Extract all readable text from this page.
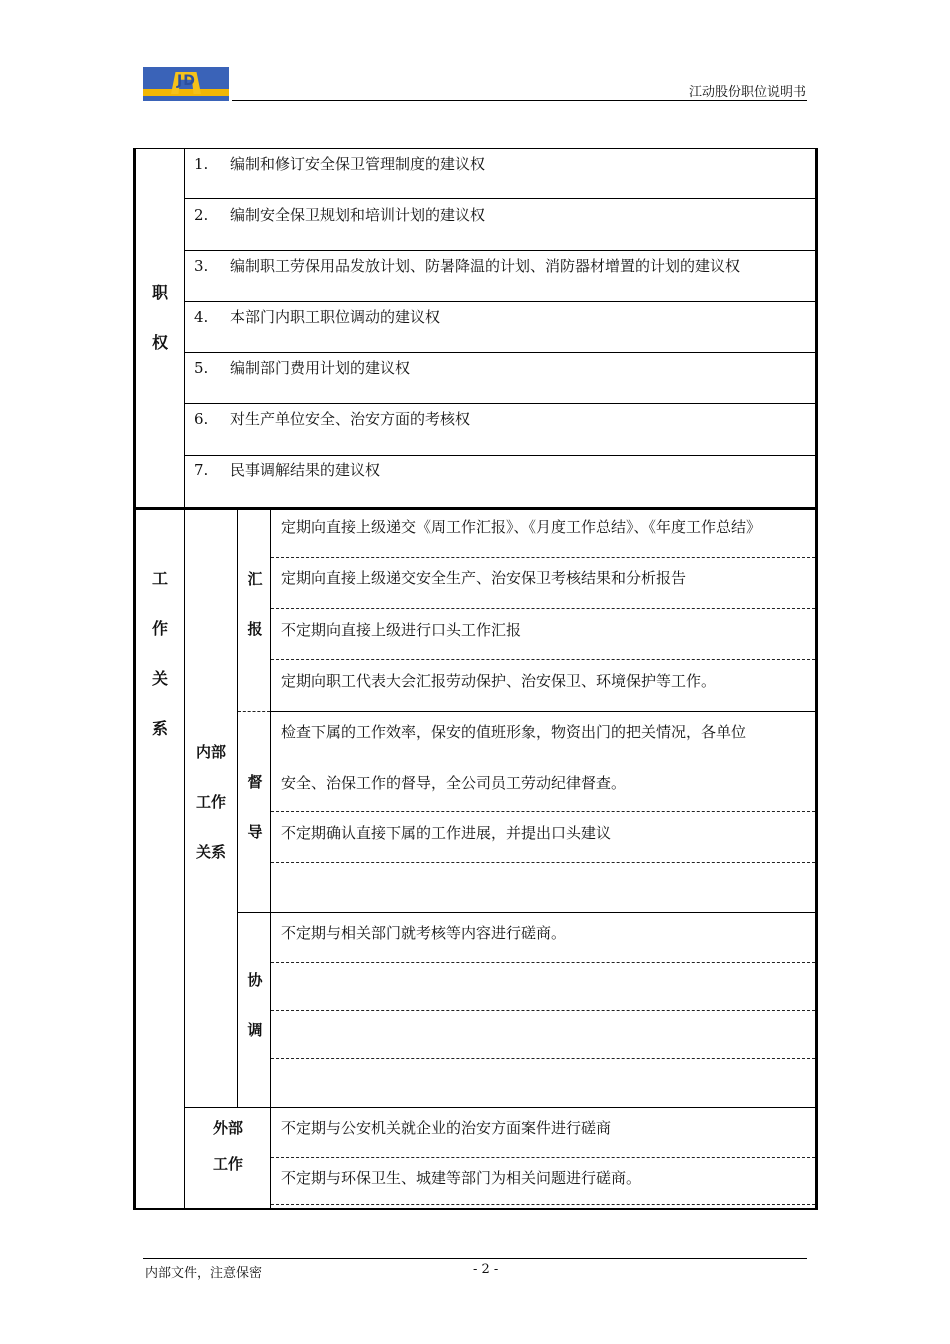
JD
江动股份职位说明书
职
权
1. 编制和修订安全保卫管理制度的建议权
2. 编制安全保卫规划和培训计划的建议权
3. 编制职工劳保用品发放计划、防暑降温的计划、消防器材增置的计划的建议权
4. 本部门内职工职位调动的建议权
5. 编制部门费用计划的建议权
6. 对生产单位安全、治安方面的考核权
7. 民事调解结果的建议权
工
作
关
系
内部
工作
关系
汇
报
定期向直接上级递交《周工作汇报》、《月度工作总结》、《年度工作总结》
定期向直接上级递交安全生产、治安保卫考核结果和分析报告
不定期向直接上级进行口头工作汇报
定期向职工代表大会汇报劳动保护、治安保卫、环境保护等工作。
督
导
检查下属的工作效率，保安的值班形象，物资出门的把关情况，各单位
安全、治保工作的督导，全公司员工劳动纪律督查。
不定期确认直接下属的工作进展，并提出口头建议
协
调
不定期与相关部门就考核等内容进行磋商。
外部
工作
不定期与公安机关就企业的治安方面案件进行磋商
不定期与环保卫生、城建等部门为相关问题进行磋商。
内部文件，注意保密	- 2 -
